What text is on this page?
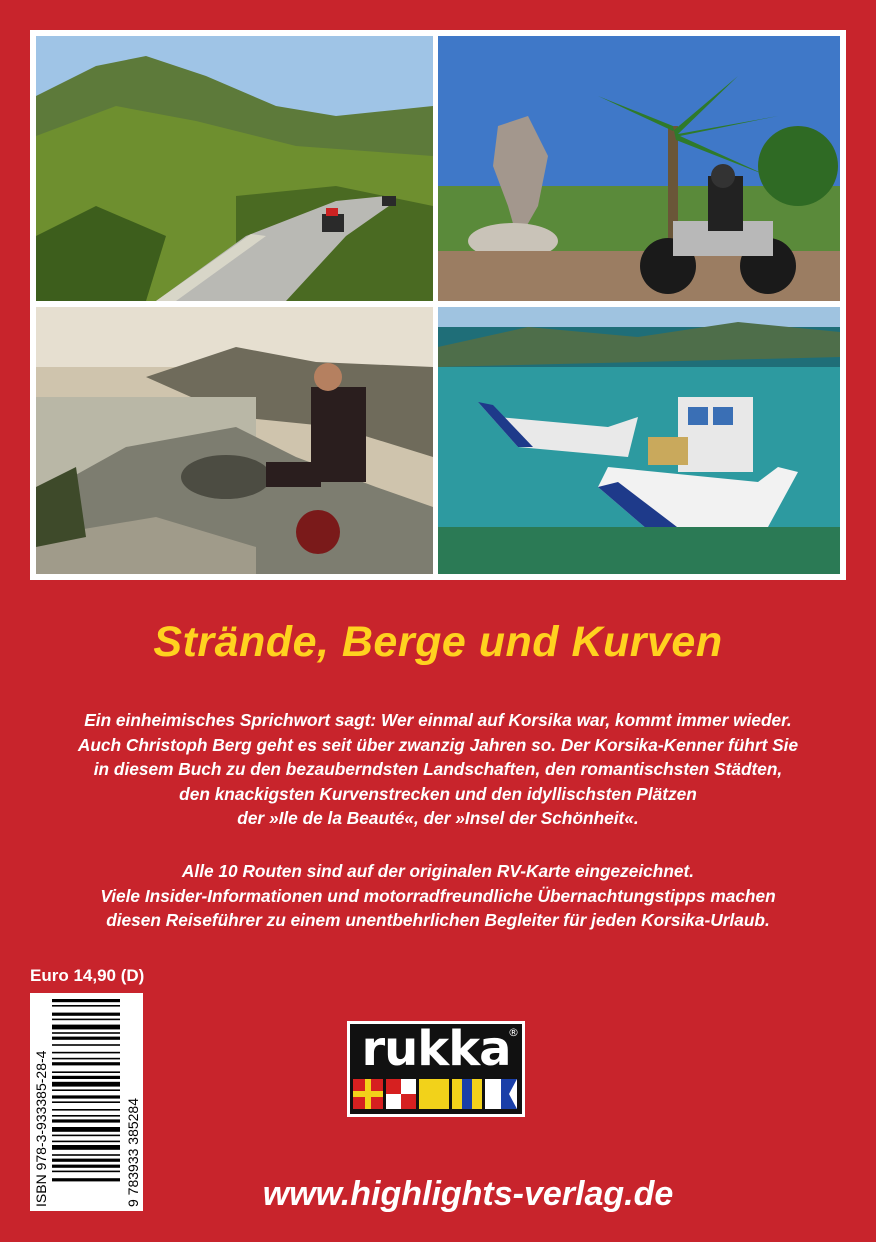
Strände, Berge und Kurven
Ein einheimisches Sprichwort sagt: Wer einmal auf Korsika war, kommt immer wieder.
Auch Christoph Berg geht es seit über zwanzig Jahren so. Der Korsika-Kenner führt Sie
in diesem Buch zu den bezauberndsten Landschaften, den romantischsten Städten,
den knackigsten Kurvenstrecken und den idyllischsten Plätzen
der »Ile de la Beauté«, der »Insel der Schönheit«.
Alle 10 Routen sind auf der originalen RV-Karte eingezeichnet.
Viele Insider-Informationen und motorradfreundliche Übernachtungstipps machen
diesen Reiseführer zu einem unentbehrlichen Begleiter für jeden Korsika-Urlaub.
Euro 14,90 (D)
ISBN 978-3-933385-28-4	9 783933 385284
rukka
®
www.highlights-verlag.de
